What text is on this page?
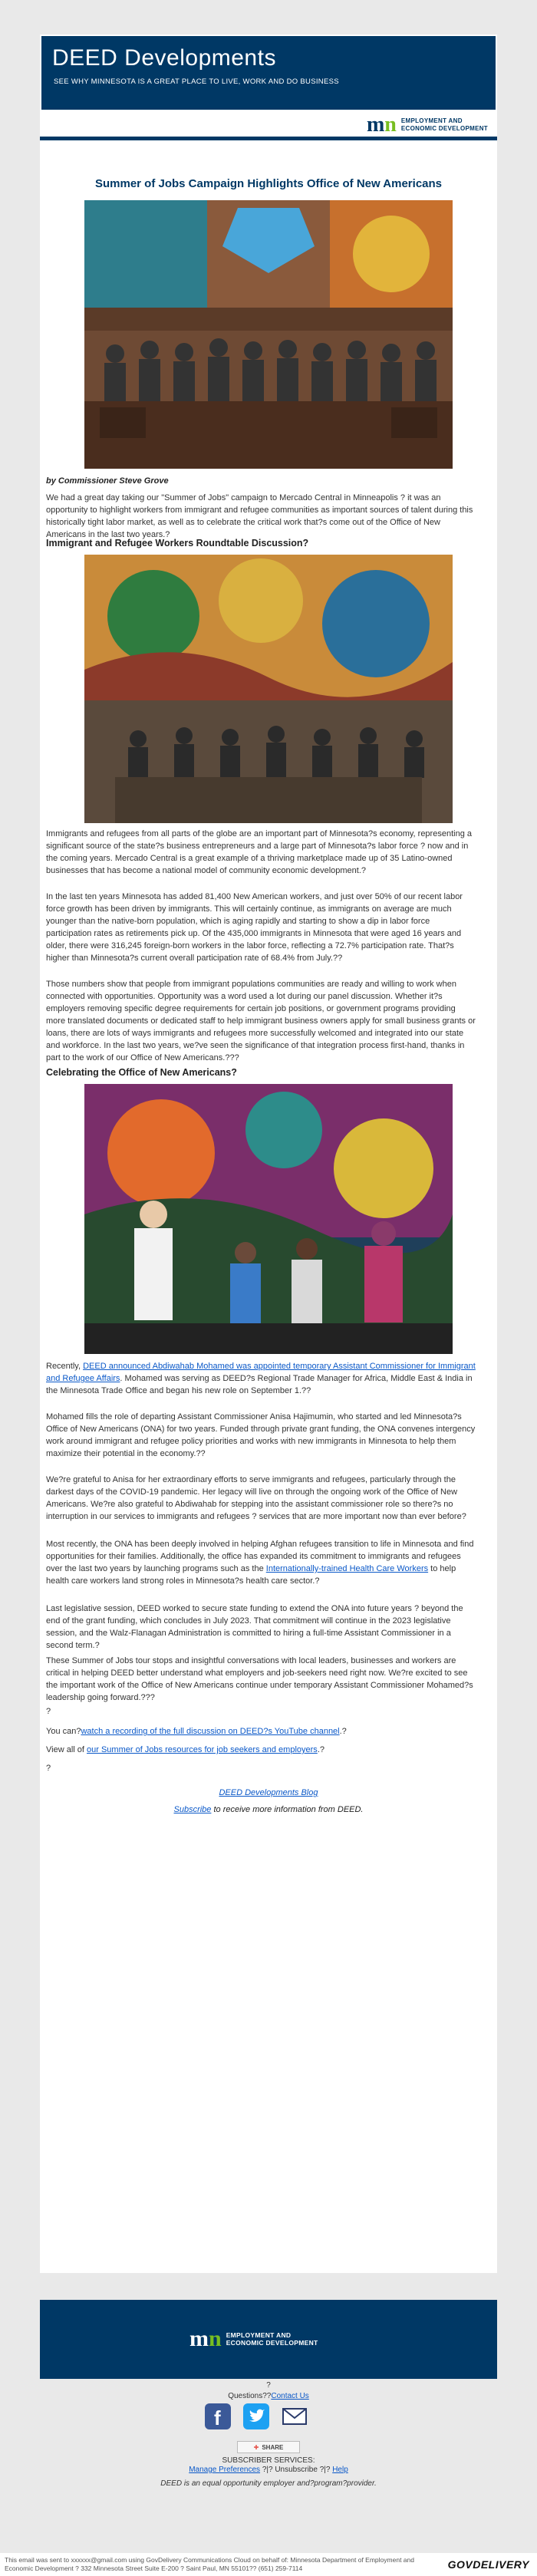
DEED Developments
SEE WHY MINNESOTA IS A GREAT PLACE TO LIVE, WORK AND DO BUSINESS
mn EMPLOYMENT AND
ECONOMIC DEVELOPMENT
Summer of Jobs Campaign Highlights Office of New Americans
by Commissioner Steve Grove

We had a great day taking our "Summer of Jobs" campaign to Mercado Central in Minneapolis ? it was an opportunity to highlight workers from immigrant and refugee communities as important sources of talent during this historically tight labor market, as well as to celebrate the critical work that?s come out of the Office of New Americans in the last two years.?

Immigrant and Refugee Workers Roundtable Discussion?

Immigrants and refugees from all parts of the globe are an important part of Minnesota?s economy, representing a significant source of the state?s business entrepreneurs and a large part of Minnesota?s labor force ? now and in the coming years. Mercado Central is a great example of a thriving marketplace made up of 35 Latino-owned businesses that has become a national model of community economic development.?

In the last ten years Minnesota has added 81,400 New American workers, and just over 50% of our recent labor force growth has been driven by immigrants. This will certainly continue, as immigrants on average are much younger than the native-born population, which is aging rapidly and starting to show a dip in labor force participation rates as retirements pick up. Of the 435,000 immigrants in Minnesota that were aged 16 years and older, there were 316,245 foreign-born workers in the labor force, reflecting a 72.7% participation rate. That?s higher than Minnesota?s current overall participation rate of 68.4% from July.??

Those numbers show that people from immigrant populations communities are ready and willing to work when connected with opportunities. Opportunity was a word used a lot during our panel discussion. Whether it?s employers removing specific degree requirements for certain job positions, or government programs providing more translated documents or dedicated staff to help immigrant business owners apply for small business grants or loans, there are lots of ways immigrants and refugees more successfully welcomed and integrated into our state and workforce. In the last two years, we?ve seen the significance of that integration process first-hand, thanks in part to the work of our Office of New Americans.???

Celebrating the Office of New Americans?

Recently, DEED announced Abdiwahab Mohamed was appointed temporary Assistant Commissioner for Immigrant and Refugee Affairs. Mohamed was serving as DEED?s Regional Trade Manager for Africa, Middle East & India in the Minnesota Trade Office and began his new role on September 1.??

Mohamed fills the role of departing Assistant Commissioner Anisa Hajimumin, who started and led Minnesota?s Office of New Americans (ONA) for two years. Funded through private grant funding, the ONA convenes intergency work around immigrant and refugee policy priorities and works with new immigrants in Minnesota to help them maximize their potential in the economy.??

We?re grateful to Anisa for her extraordinary efforts to serve immigrants and refugees, particularly through the darkest days of the COVID-19 pandemic. Her legacy will live on through the ongoing work of the Office of New Americans. We?re also grateful to Abdiwahab for stepping into the assistant commissioner role so there?s no interruption in our services to immigrants and refugees ? services that are more important now than ever before?

Most recently, the ONA has been deeply involved in helping Afghan refugees transition to life in Minnesota and find opportunities for their families. Additionally, the office has expanded its commitment to immigrants and refugees over the last two years by launching programs such as the Internationally-trained Health Care Workers to help health care workers land strong roles in Minnesota?s health care sector.?

Last legislative session, DEED worked to secure state funding to extend the ONA into future years ? beyond the end of the grant funding, which concludes in July 2023. That commitment will continue in the 2023 legislative session, and the Walz-Flanagan Administration is committed to hiring a full-time Assistant Commissioner in a second term.?

These Summer of Jobs tour stops and insightful conversations with local leaders, businesses and workers are critical in helping DEED better understand what employers and job-seekers need right now. We?re excited to see the important work of the Office of New Americans continue under temporary Assistant Commissioner Mohamed?s leadership going forward.???

?

You can?watch a recording of the full discussion on DEED?s YouTube channel.?

View all of our Summer of Jobs resources for job seekers and employers.?

?
DEED Developments Blog
Subscribe to receive more information from DEED.
mn EMPLOYMENT AND
ECONOMIC DEVELOPMENT
?
Questions??Contact Us
f
✚ SHARE
SUBSCRIBER SERVICES:
Manage Preferences ?|? Unsubscribe ?|? Help
DEED is an equal opportunity employer and?program?provider.
This email was sent to xxxxxx@gmail.com using GovDelivery Communications Cloud on behalf of: Minnesota Department of Employment and Economic Development ? 332 Minnesota Street Suite E-200 ? Saint Paul, MN 55101?? (651) 259-7114	GOVDELIVERY
